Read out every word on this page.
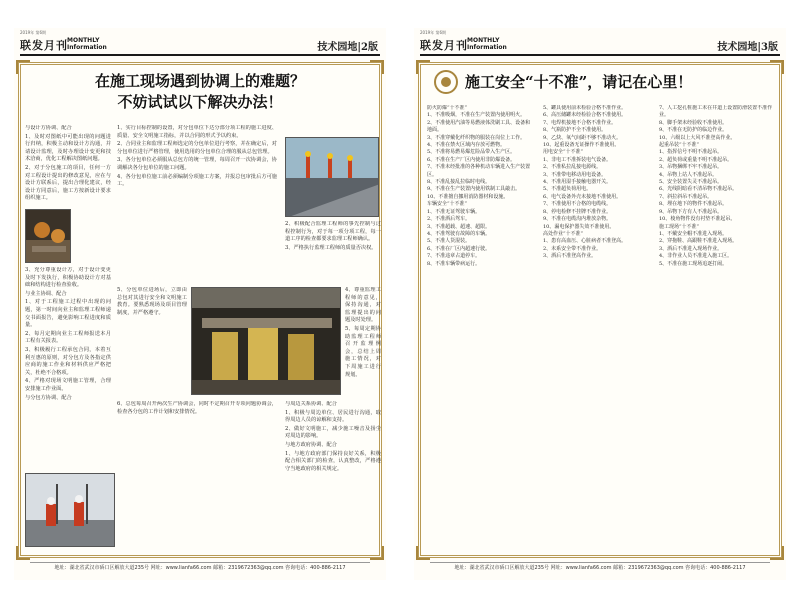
2019年 第6期
联发月刊 MONTHLY
Information	技术园地|2版
在施工现场遇到协调上的难题？
不妨试试以下解决办法！

与设计方协调、配合

1、及时对图纸中可能出现的问题进行归纳，积极主动和设计方沟通，并请设计监理，及时办理设计变更和技术洽商，优化工程解决图纸问题。

2、对于分包施工的项目，任何一方对工程设计提出的修改意见，应在与设计方联系后，提出合理化建议，经设计方同意后，施工方按新设计要求组织施工。

3、充分尊重设计方，对于设计变更及时下发执行，积极协助设计方对基础和结构进行检查验收。

与业主协调、配合

1、对于工程施工过程中出现的问题，第一时间向业主和监理工程师递交书面报告，避免影响工程进度和质量。

2、每月定期向业主工程师报送本月工程有关报表。

3、积极履行工程承包合同，本着互利互惠的原则，对分包方及各指定供应商的施工作业和材料供应严格把关，杜绝不合格项。

4、严格对现场文明施工管理，合理安排施工作业面。

与分包方协调、配合

1、实行目标控制的设置，对分包单位下达分部分项工程的施工进度、质量、安全文明施工指标，并以合同的形式予以约束。

2、合同业主和监理工程师选定的分包单位进行考察，并在确定后，对分包单位进行严格管理，使用选用的分包单位合理的服从总包管理。

3、各分包单位必须服从总包方的统一管理，每周召开一次协调会，协调解决各分包单位的施工问题。

4、各分包单位施工前必须编制分项施工方案，并报总包审批后方可施工。

5、分包单位进场后，立即由总包对其进行安全和文明施工教育。要熟悉现场及项目管理制度，并严格遵守。

6、总包每周召开两次生产协调会，同时不定期召开专项问题协调会，检查各分包的工作计划和安排情况。

2、积极配合监理工程师的事先控制与过程控制行为，对于每一项分项工程，每一道工序的检查都要求监理工程师确认。

3、严格执行监理工程师的质量否决权。

4、尊重监理工程师的意见，保持沟通，对监理提出的问题及时处理。

5、每周定期协助监理工程师召开监理例会，总结上周施工情况，对下周施工进行规划。

与周边关系协调、配合

1、积极与周边单位、居民进行沟通，取得周边人员的谅解和支持。

2、做好文明施工，减少施工噪音及扬尘对周边的影响。

与地方政府协调、配合

1、与地方政府部门保持良好关系，积极配合相关部门的检查，认真整改，严格遵守当地政府的相关规定。

地址：湖北省武汉市硚口区解放大道235号 网址：www.lianfa66.com 邮箱：2319672363@qq.com 咨询电话：400-886-2117
2019年 第6期
联发月刊 MONTHLY
Information	技术园地|3版
施工安全“十不准”，请记在心里！

防火防爆“十不准”

1、不准吸烟，不准在生产装置内使用明火。

2、不准使用汽油等易燃液体洗刷工具、设备和地面。

3、不准穿戴化纤织物的服装在岗位上工作。

4、不准在禁火区域内存放可燃物。

5、不准将易燃易爆危险品带入生产区。

6、不准在生产厂区内使用非防爆设备。

7、不准未经批准的各种机动车辆进入生产装置区。

8、不准乱接乱拉临时电线。

9、不准在生产装置内使用铁制工具敲击。

10、不准擅自挪用消防器材和设施。

车辆安全“十不准”

1、不准无证驾驶车辆。

2、不准酒后驾车。

3、不准超载、超速、超限。

4、不准驾驶有故障的车辆。

5、不准人货混装。

6、不准在厂区内超速行驶。

7、不准违章占道停车。

8、不准车辆带病运行。

5、罐具使用前未检验合格不准作业。

6、高压储罐未经检验合格不准使用。

7、电焊机接地不合格不准作业。

8、气瓶防护不全不准使用。

9、乙炔、氧气间距不够不准动火。

10、起重设备无证操作不准使用。

用电安全“十不准”

1、非电工不准拆装电气设备。

2、不准私拉乱接电源线。

3、不准带电移动用电设备。

4、不准用湿手接触电器开关。

5、不准超负荷用电。

6、电气设备外壳未接地不准使用。

7、不准使用不合格的电缆线。

8、停电检修不挂牌不准作业。

9、不准在电缆沟内堆放杂物。

10、漏电保护器失效不准使用。

高处作业“十不准”

1、患有高血压、心脏病者不准登高。

2、未系安全带不准作业。

3、酒后不准登高作业。

7、人工挖孔桩施工未在井道上设置防滑装置不准作业。

8、脚手架未经验收不准使用。

9、不准在无防护的临边作业。

10、六级以上大风不准登高作业。

起重吊装“十不准”

1、指挥信号不明不准起吊。

2、超负荷或重量不明不准起吊。

3、吊物捆绑不牢不准起吊。

4、吊物上站人不准起吊。

5、安全装置失灵不准起吊。

6、光线阴暗看不清吊物不准起吊。

7、斜拉斜吊不准起吊。

8、埋在地下的物件不准起吊。

9、吊物下方有人不准起吊。

10、棱角物件没有衬垫不准起吊。

施工现场“十不准”

1、不戴安全帽不准进入现场。

2、穿拖鞋、高跟鞋不准进入现场。

3、酒后不准进入现场作业。

4、非作业人员不准进入施工区。

5、不准在施工现场追逐打闹。

地址：湖北省武汉市硚口区解放大道235号 网址：www.lianfa66.com 邮箱：2319672363@qq.com 咨询电话：400-886-2117
